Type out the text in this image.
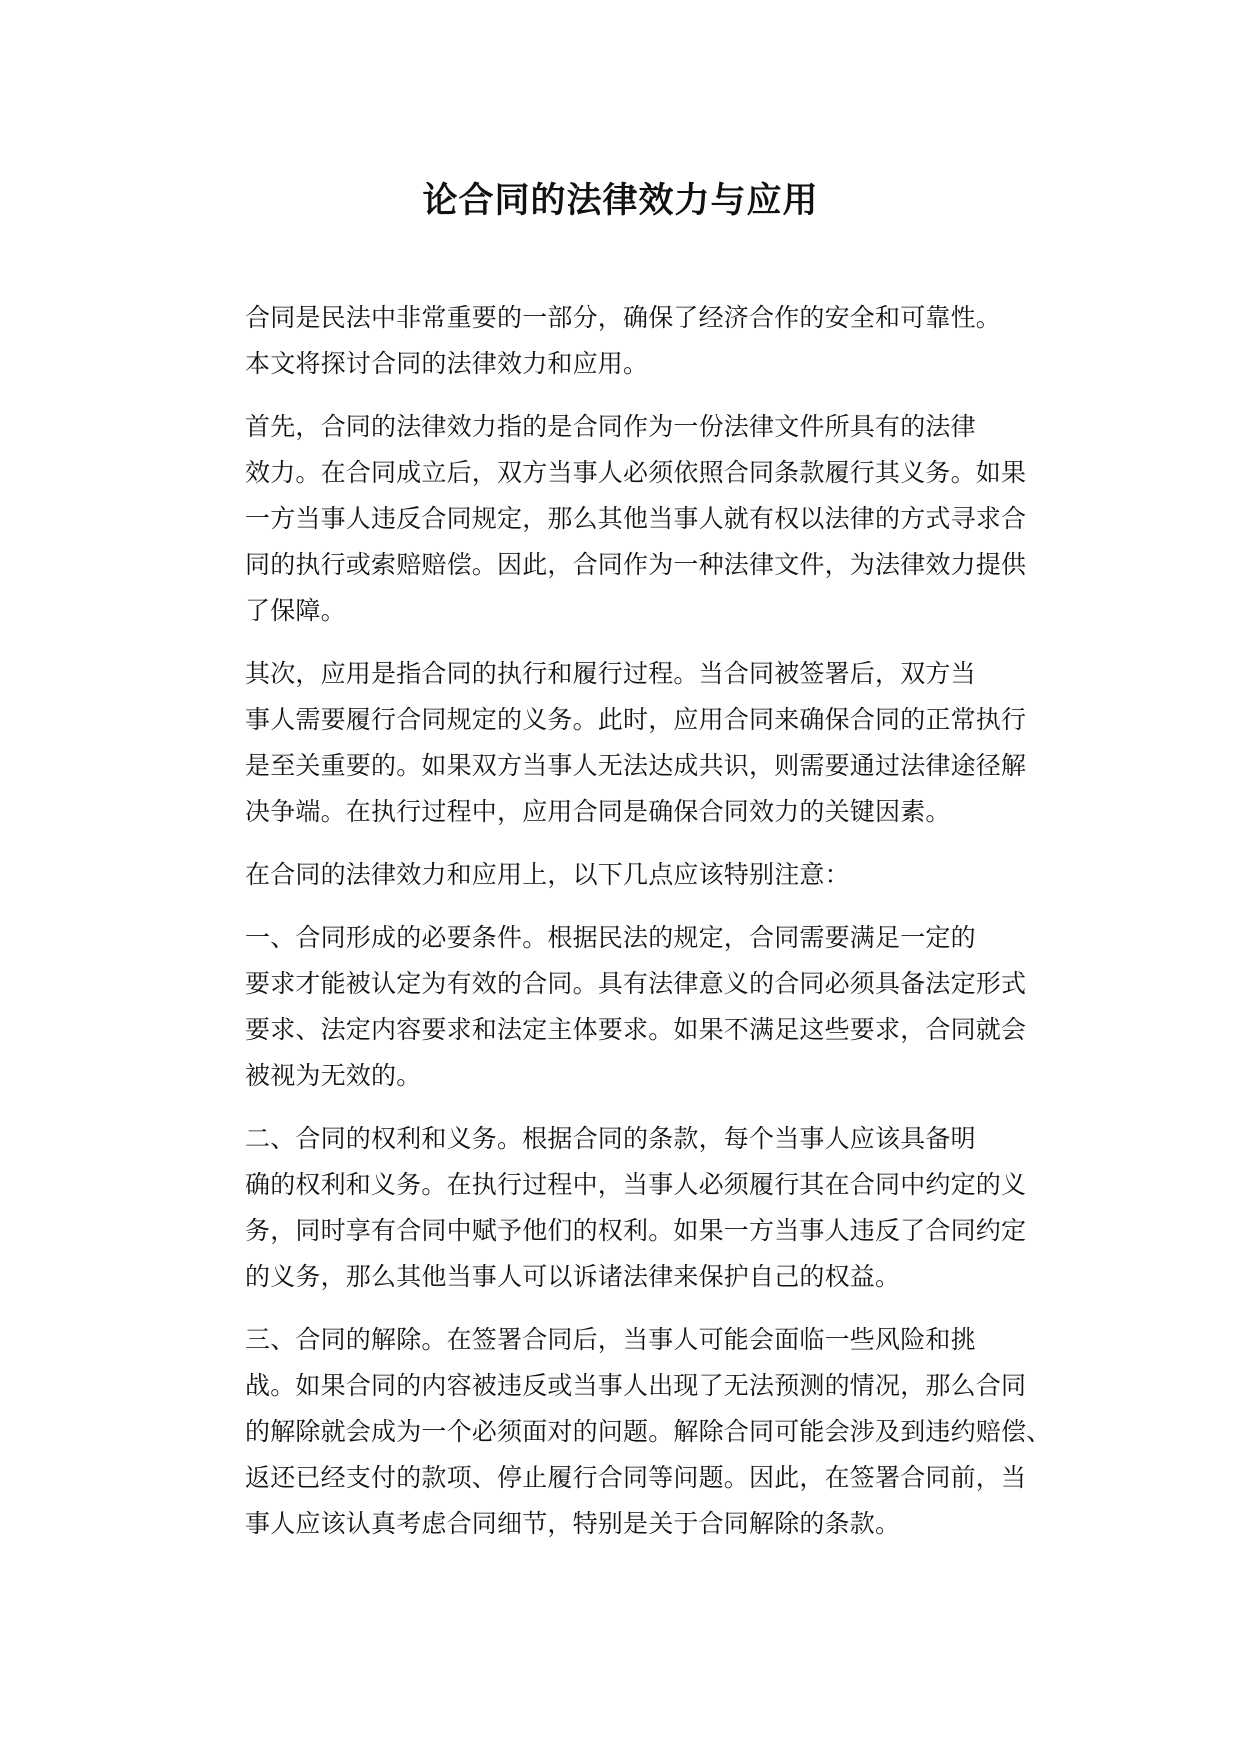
论合同的法律效力与应用

合同是民法中非常重要的一部分，确保了经济合作的安全和可靠性。
本文将探讨合同的法律效力和应用。

首先，合同的法律效力指的是合同作为一份法律文件所具有的法律
效力。在合同成立后，双方当事人必须依照合同条款履行其义务。如果
一方当事人违反合同规定，那么其他当事人就有权以法律的方式寻求合
同的执行或索赔赔偿。因此，合同作为一种法律文件，为法律效力提供
了保障。

其次，应用是指合同的执行和履行过程。当合同被签署后，双方当
事人需要履行合同规定的义务。此时，应用合同来确保合同的正常执行
是至关重要的。如果双方当事人无法达成共识，则需要通过法律途径解
决争端。在执行过程中，应用合同是确保合同效力的关键因素。

在合同的法律效力和应用上，以下几点应该特别注意：

一、合同形成的必要条件。根据民法的规定，合同需要满足一定的
要求才能被认定为有效的合同。具有法律意义的合同必须具备法定形式
要求、法定内容要求和法定主体要求。如果不满足这些要求，合同就会
被视为无效的。

二、合同的权利和义务。根据合同的条款，每个当事人应该具备明
确的权利和义务。在执行过程中，当事人必须履行其在合同中约定的义
务，同时享有合同中赋予他们的权利。如果一方当事人违反了合同约定
的义务，那么其他当事人可以诉诸法律来保护自己的权益。

三、合同的解除。在签署合同后，当事人可能会面临一些风险和挑
战。如果合同的内容被违反或当事人出现了无法预测的情况，那么合同
的解除就会成为一个必须面对的问题。解除合同可能会涉及到违约赔偿、
返还已经支付的款项、停止履行合同等问题。因此，在签署合同前，当
事人应该认真考虑合同细节，特别是关于合同解除的条款。
